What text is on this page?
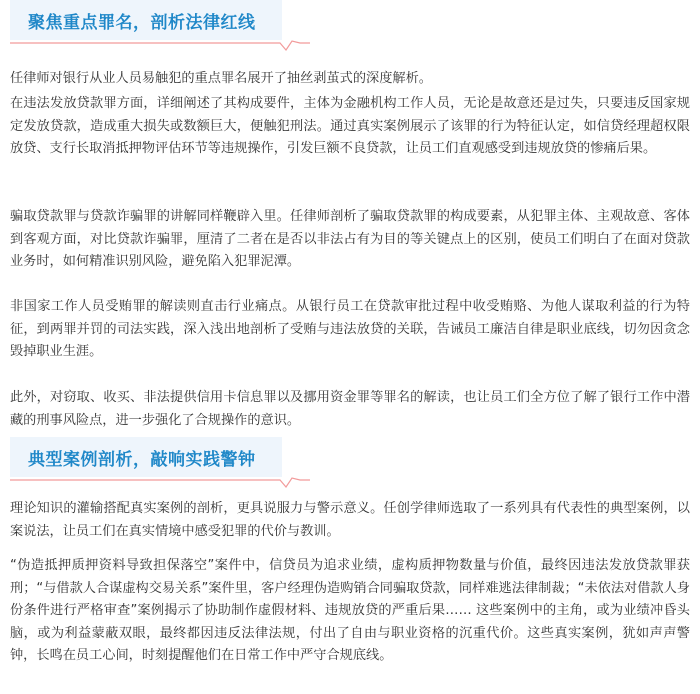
聚焦重点罪名，剖析法律红线

任律师对银行从业人员易触犯的重点罪名展开了抽丝剥茧式的深度解析。

在违法发放贷款罪方面，详细阐述了其构成要件，主体为金融机构工作人员，无论是故意还是过失，只要违反国家规定发放贷款，造成重大损失或数额巨大，便触犯刑法。通过真实案例展示了该罪的行为特征认定，如信贷经理超权限放贷、支行长取消抵押物评估环节等违规操作，引发巨额不良贷款，让员工们直观感受到违规放贷的惨痛后果。

骗取贷款罪与贷款诈骗罪的讲解同样鞭辟入里。任律师剖析了骗取贷款罪的构成要素，从犯罪主体、主观故意、客体到客观方面，对比贷款诈骗罪，厘清了二者在是否以非法占有为目的等关键点上的区别，使员工们明白了在面对贷款业务时，如何精准识别风险，避免陷入犯罪泥潭。

非国家工作人员受贿罪的解读则直击行业痛点。从银行员工在贷款审批过程中收受贿赂、为他人谋取利益的行为特征，到两罪并罚的司法实践，深入浅出地剖析了受贿与违法放贷的关联，告诫员工廉洁自律是职业底线，切勿因贪念毁掉职业生涯。

此外，对窃取、收买、非法提供信用卡信息罪以及挪用资金罪等罪名的解读，也让员工们全方位了解了银行工作中潜藏的刑事风险点，进一步强化了合规操作的意识。

典型案例剖析，敲响实践警钟

理论知识的灌输搭配真实案例的剖析，更具说服力与警示意义。任创学律师选取了一系列具有代表性的典型案例，以案说法，让员工们在真实情境中感受犯罪的代价与教训。

“伪造抵押质押资料导致担保落空”案件中，信贷员为追求业绩，虚构质押物数量与价值，最终因违法发放贷款罪获刑；“与借款人合谋虚构交易关系”案件里，客户经理伪造购销合同骗取贷款，同样难逃法律制裁；“未依法对借款人身份条件进行严格审查”案例揭示了协助制作虚假材料、违规放贷的严重后果…… 这些案例中的主角，或为业绩冲昏头脑，或为利益蒙蔽双眼，最终都因违反法律法规，付出了自由与职业资格的沉重代价。这些真实案例，犹如声声警钟，长鸣在员工心间，时刻提醒他们在日常工作中严守合规底线。
